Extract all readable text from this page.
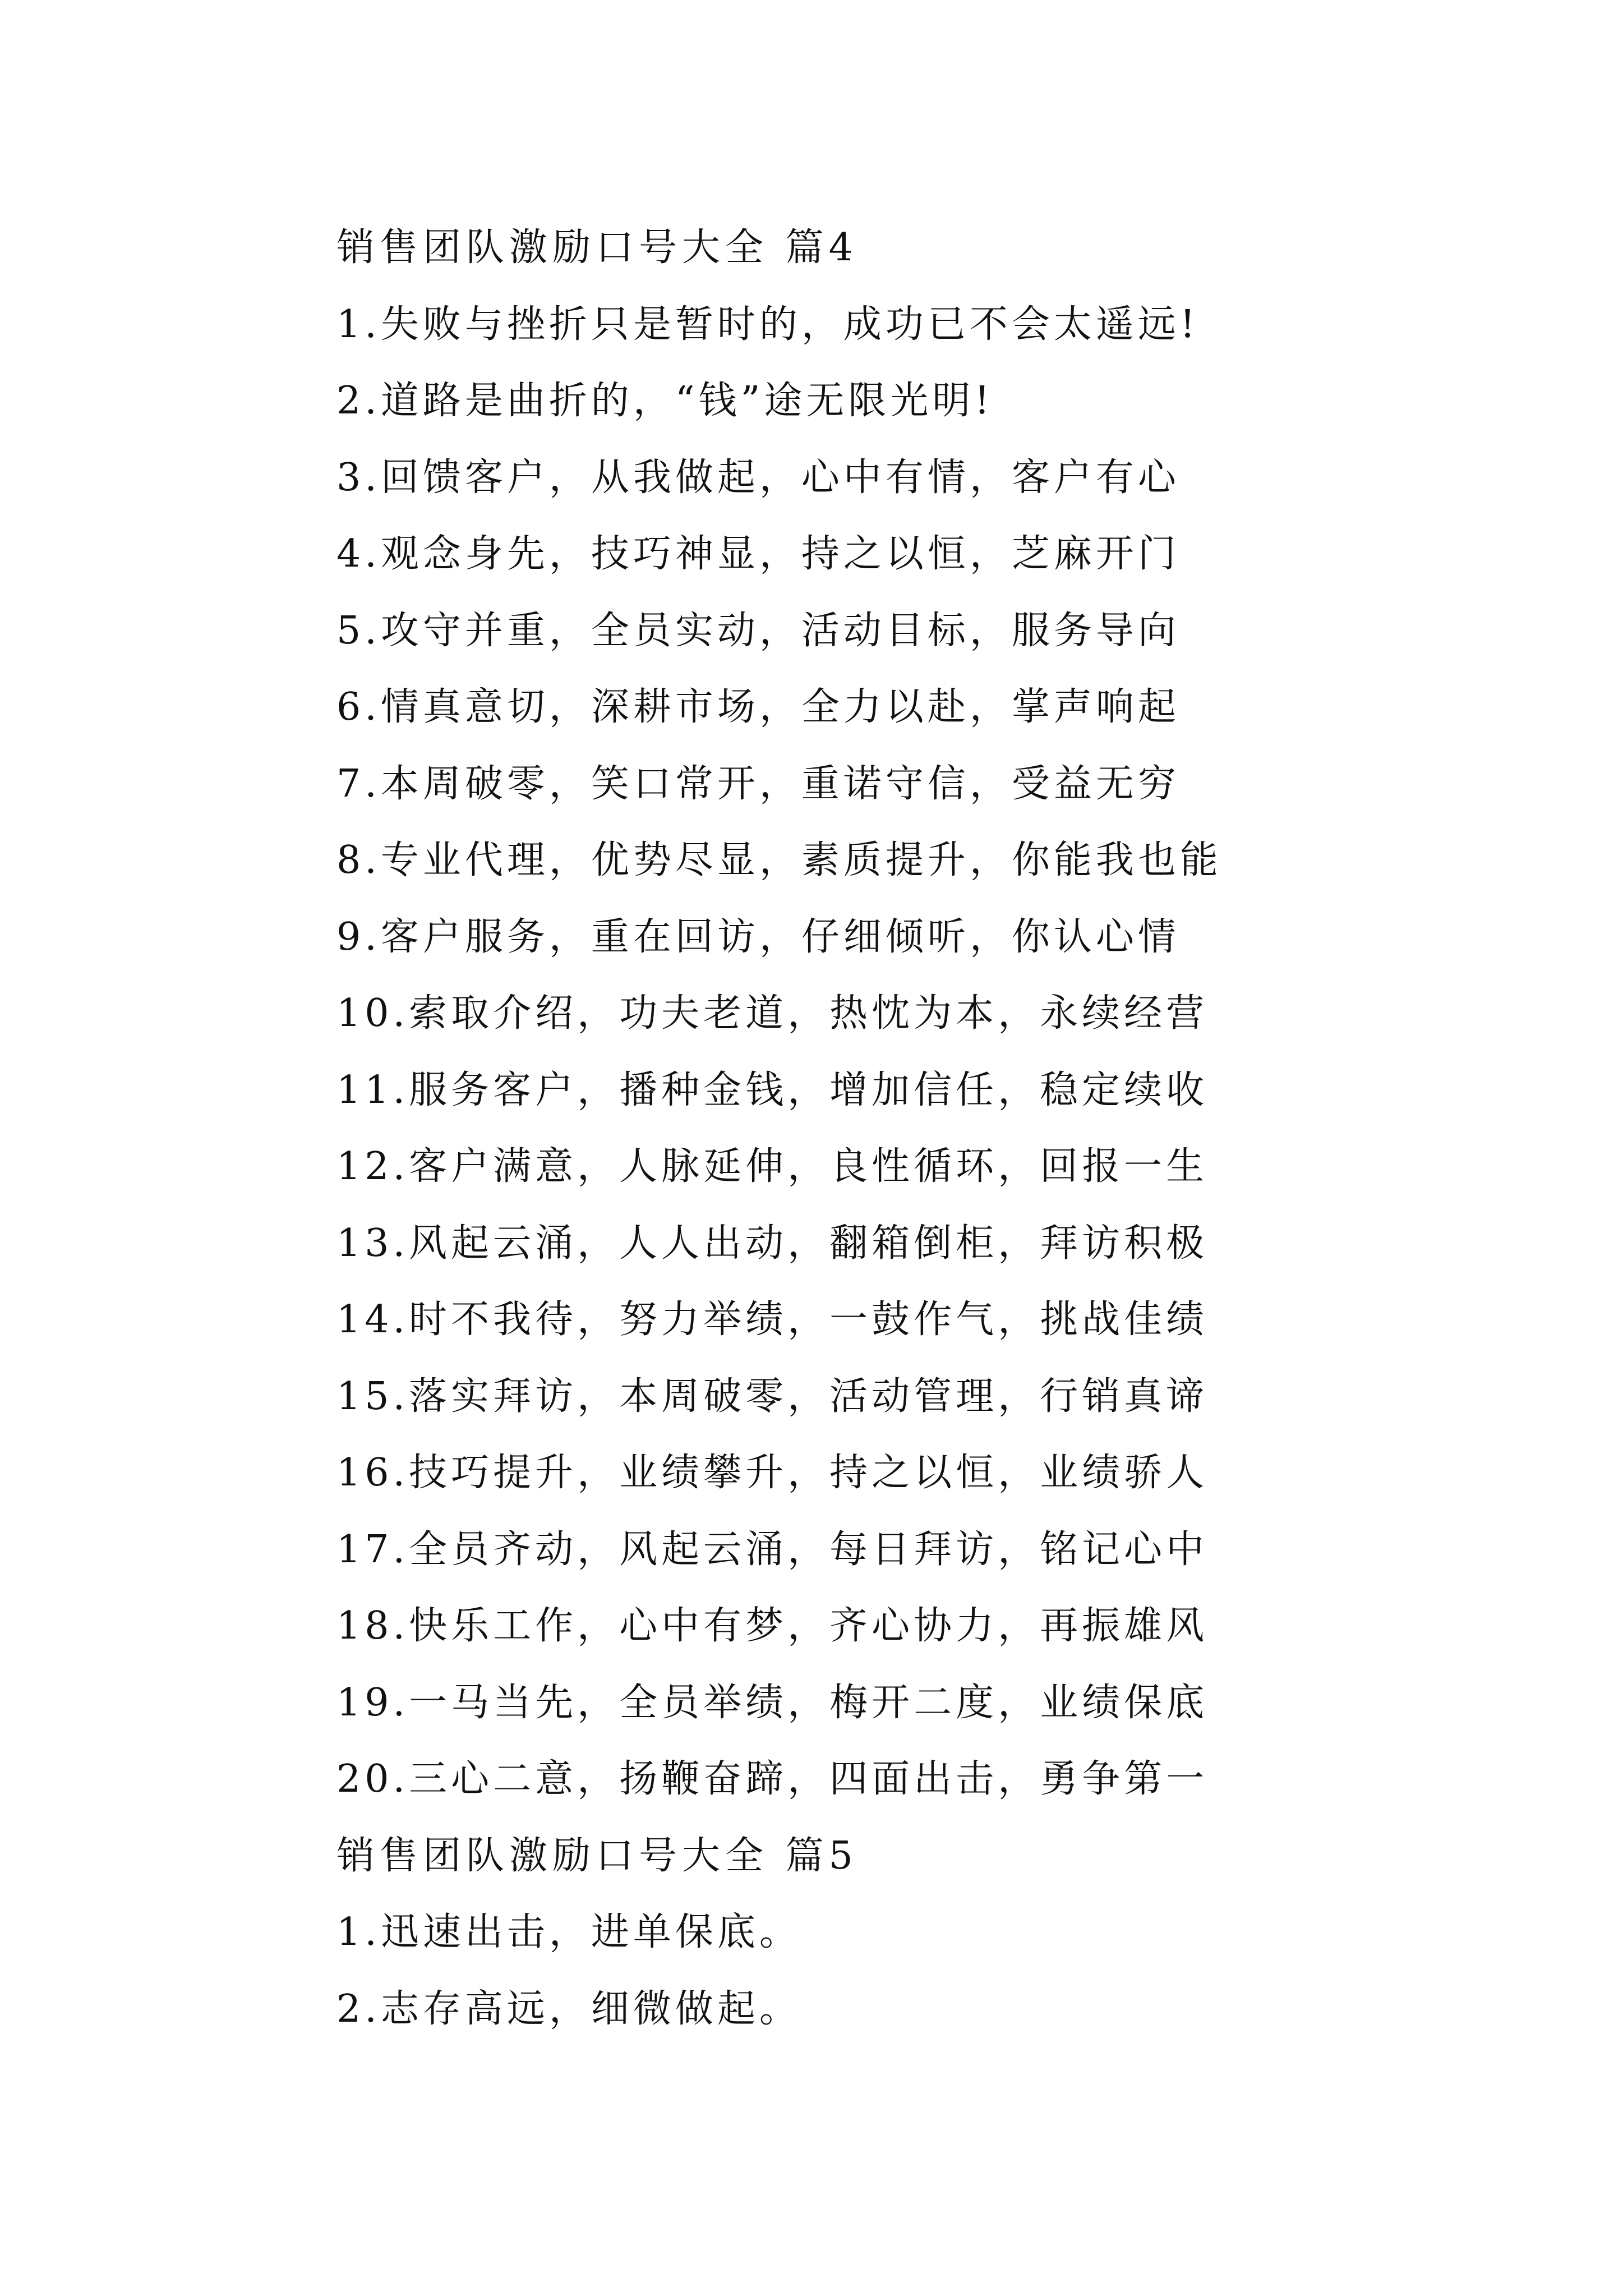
销售团队激励口号大全 篇4
1.失败与挫折只是暂时的，成功已不会太遥远!
2.道路是曲折的，“钱”途无限光明!
3.回馈客户，从我做起，心中有情，客户有心
4.观念身先，技巧神显，持之以恒，芝麻开门
5.攻守并重，全员实动，活动目标，服务导向
6.情真意切，深耕市场，全力以赴，掌声响起
7.本周破零，笑口常开，重诺守信，受益无穷
8.专业代理，优势尽显，素质提升，你能我也能
9.客户服务，重在回访，仔细倾听，你认心情
10.索取介绍，功夫老道，热忱为本，永续经营
11.服务客户，播种金钱，增加信任，稳定续收
12.客户满意，人脉延伸，良性循环，回报一生
13.风起云涌，人人出动，翻箱倒柜，拜访积极
14.时不我待，努力举绩，一鼓作气，挑战佳绩
15.落实拜访，本周破零，活动管理，行销真谛
16.技巧提升，业绩攀升，持之以恒，业绩骄人
17.全员齐动，风起云涌，每日拜访，铭记心中
18.快乐工作，心中有梦，齐心协力，再振雄风
19.一马当先，全员举绩，梅开二度，业绩保底
20.三心二意，扬鞭奋蹄，四面出击，勇争第一
销售团队激励口号大全 篇5
1.迅速出击，进单保底。
2.志存高远，细微做起。
